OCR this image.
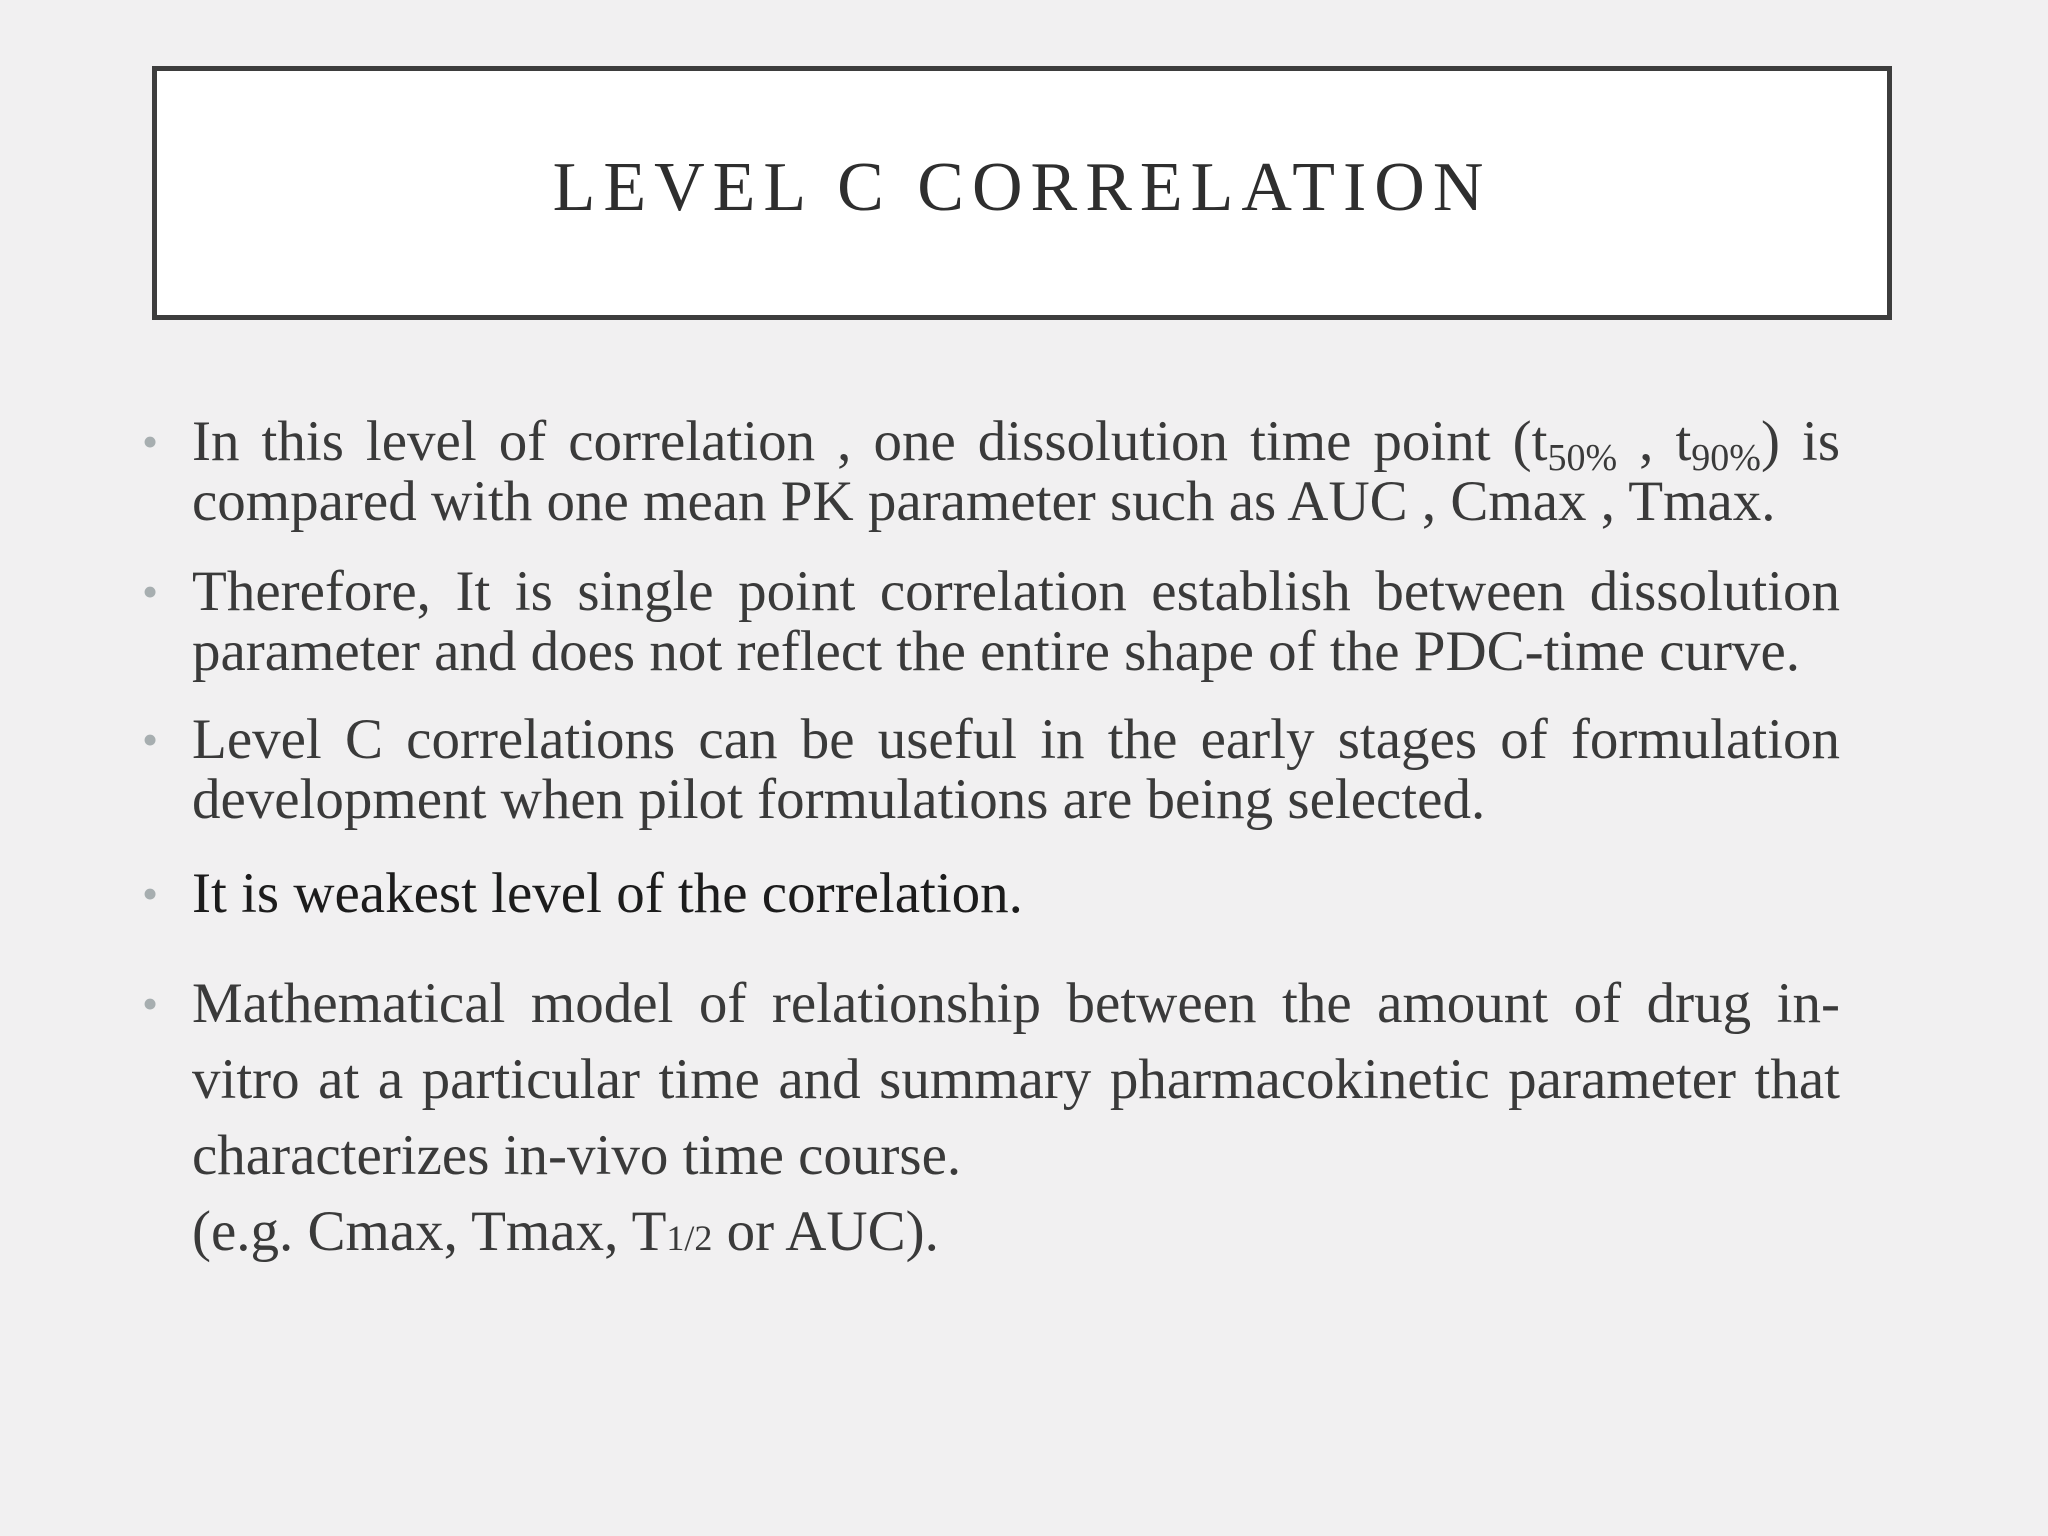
LEVEL C CORRELATION
• In this level of correlation , one dissolution time point ($t_{50\%}$ , $t_{90\%}$) is compared with one mean PK parameter such as AUC , Cmax , Tmax.
• Therefore, It is single point correlation establish between dissolution parameter and does not reflect the entire shape of the PDC-time curve.
• Level C correlations can be useful in the early stages of formulation development when pilot formulations are being selected.
• It is weakest level of the correlation.
• Mathematical model of relationship between the amount of drug in-vitro at a particular time and summary pharmacokinetic parameter that characterizes in-vivo time course.
(e.g. Cmax, Tmax, T1/2 or AUC).
